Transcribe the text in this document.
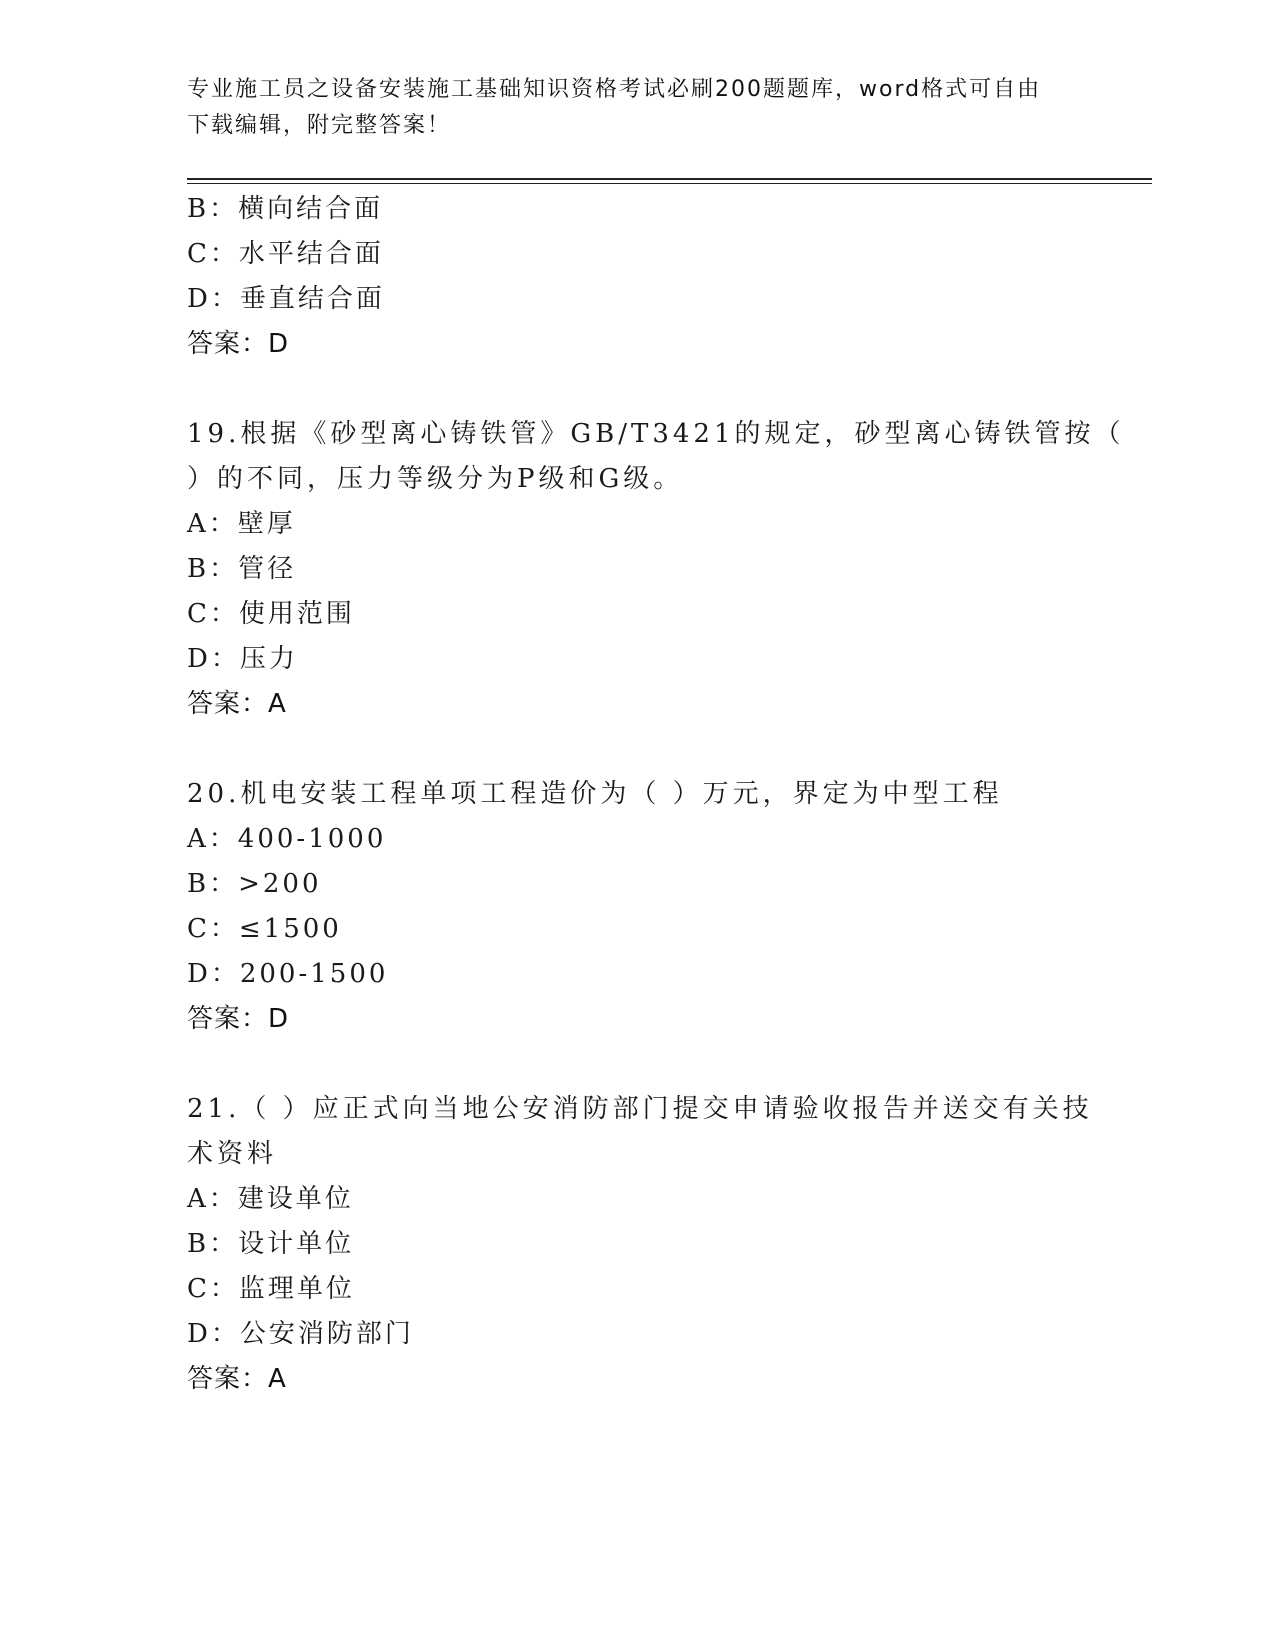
专业施工员之设备安装施工基础知识资格考试必刷200题题库，word格式可自由
下载编辑，附完整答案！
B：横向结合面
C：水平结合面
D：垂直结合面
答案：D
19.根据《砂型离心铸铁管》GB/T3421的规定，砂型离心铸铁管按（
）的不同，压力等级分为P级和G级。
A：壁厚
B：管径
C：使用范围
D：压力
答案：A
20.机电安装工程单项工程造价为（ ）万元，界定为中型工程
A：400-1000
B：>200
C：≤1500
D：200-1500
答案：D
21.（ ）应正式向当地公安消防部门提交申请验收报告并送交有关技
术资料
A：建设单位
B：设计单位
C：监理单位
D：公安消防部门
答案：A
